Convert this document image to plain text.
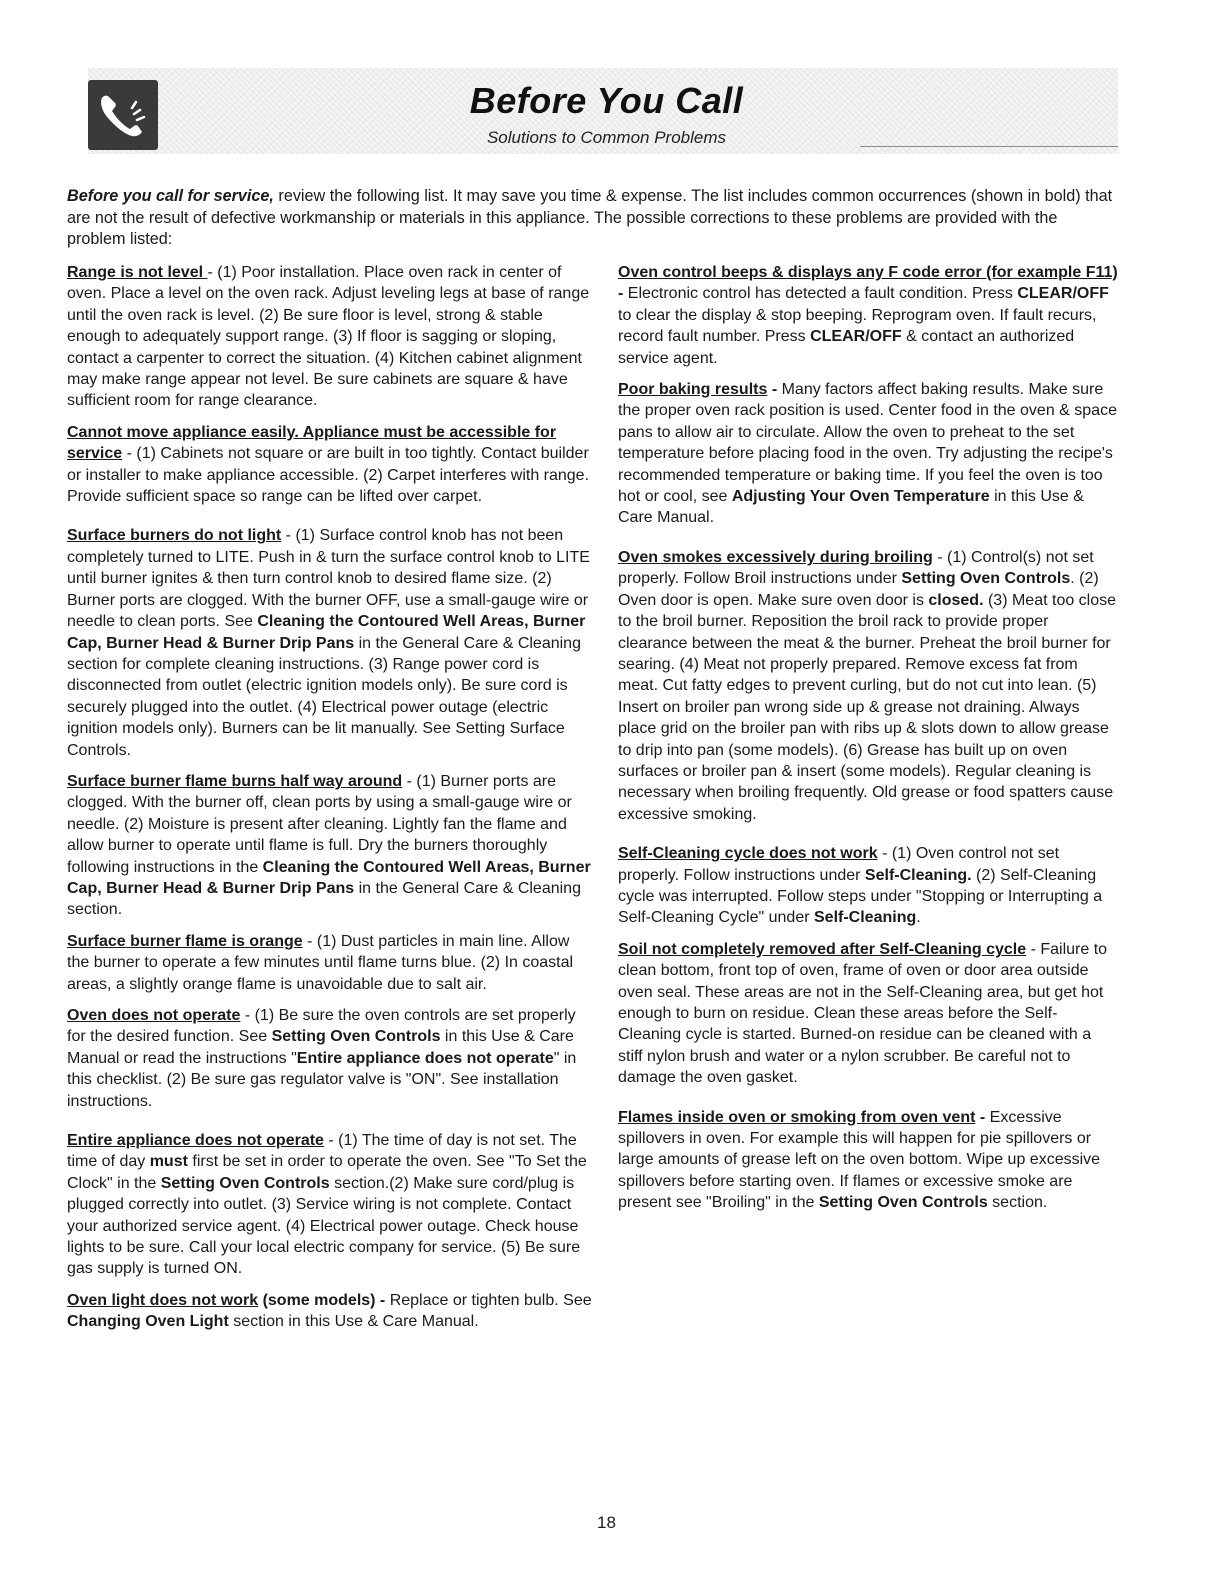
Before You Call
Solutions to Common Problems
Before you call for service, review the following list. It may save you time & expense. The list includes common occurrences (shown in bold) that are not the result of defective workmanship or materials in this appliance. The possible corrections to these problems are provided with the problem listed:

Range is not level - (1) Poor installation. Place oven rack in center of oven. Place a level on the oven rack. Adjust leveling legs at base of range until the oven rack is level. (2) Be sure floor is level, strong & stable enough to adequately support range. (3) If floor is sagging or sloping, contact a carpenter to correct the situation. (4) Kitchen cabinet alignment may make range appear not level. Be sure cabinets are square & have sufficient room for range clearance.

Cannot move appliance easily. Appliance must be accessible for service - (1) Cabinets not square or are built in too tightly. Contact builder or installer to make appliance accessible. (2) Carpet interferes with range. Provide sufficient space so range can be lifted over carpet.

Surface burners do not light - (1) Surface control knob has not been completely turned to LITE. Push in & turn the surface control knob to LITE until burner ignites & then turn control knob to desired flame size. (2) Burner ports are clogged. With the burner OFF, use a small-gauge wire or needle to clean ports. See Cleaning the Contoured Well Areas, Burner Cap, Burner Head & Burner Drip Pans in the General Care & Cleaning section for complete cleaning instructions. (3) Range power cord is disconnected from outlet (electric ignition models only). Be sure cord is securely plugged into the outlet. (4) Electrical power outage (electric ignition models only). Burners can be lit manually. See Setting Surface Controls.

Surface burner flame burns half way around - (1) Burner ports are clogged. With the burner off, clean ports by using a small-gauge wire or needle. (2) Moisture is present after cleaning. Lightly fan the flame and allow burner to operate until flame is full. Dry the burners thoroughly following instructions in the Cleaning the Contoured Well Areas, Burner Cap, Burner Head & Burner Drip Pans in the General Care & Cleaning section.

Surface burner flame is orange - (1) Dust particles in main line. Allow the burner to operate a few minutes until flame turns blue. (2) In coastal areas, a slightly orange flame is unavoidable due to salt air.

Oven does not operate - (1) Be sure the oven controls are set properly for the desired function. See Setting Oven Controls in this Use & Care Manual or read the instructions "Entire appliance does not operate" in this checklist. (2) Be sure gas regulator valve is "ON". See installation instructions.

Entire appliance does not operate - (1) The time of day is not set. The time of day must first be set in order to operate the oven. See "To Set the Clock" in the Setting Oven Controls section.(2) Make sure cord/plug is plugged correctly into outlet. (3) Service wiring is not complete. Contact your authorized service agent. (4) Electrical power outage. Check house lights to be sure. Call your local electric company for service. (5) Be sure gas supply is turned ON.

Oven light does not work (some models) - Replace or tighten bulb. See Changing Oven Light section in this Use & Care Manual.

Oven control beeps & displays any F code error (for example F11) - Electronic control has detected a fault condition. Press CLEAR/OFF to clear the display & stop beeping. Reprogram oven. If fault recurs, record fault number. Press CLEAR/OFF & contact an authorized service agent.

Poor baking results - Many factors affect baking results. Make sure the proper oven rack position is used. Center food in the oven & space pans to allow air to circulate. Allow the oven to preheat to the set temperature before placing food in the oven. Try adjusting the recipe's recommended temperature or baking time. If you feel the oven is too hot or cool, see Adjusting Your Oven Temperature in this Use & Care Manual.

Oven smokes excessively during broiling - (1) Control(s) not set properly. Follow Broil instructions under Setting Oven Controls. (2) Oven door is open. Make sure oven door is closed. (3) Meat too close to the broil burner. Reposition the broil rack to provide proper clearance between the meat & the burner. Preheat the broil burner for searing. (4) Meat not properly prepared. Remove excess fat from meat. Cut fatty edges to prevent curling, but do not cut into lean. (5) Insert on broiler pan wrong side up & grease not draining. Always place grid on the broiler pan with ribs up & slots down to allow grease to drip into pan (some models). (6) Grease has built up on oven surfaces or broiler pan & insert (some models). Regular cleaning is necessary when broiling frequently. Old grease or food spatters cause excessive smoking.

Self-Cleaning cycle does not work - (1) Oven control not set properly. Follow instructions under Self-Cleaning. (2) Self-Cleaning cycle was interrupted. Follow steps under "Stopping or Interrupting a Self-Cleaning Cycle" under Self-Cleaning.

Soil not completely removed after Self-Cleaning cycle - Failure to clean bottom, front top of oven, frame of oven or door area outside oven seal. These areas are not in the Self-Cleaning area, but get hot enough to burn on residue. Clean these areas before the Self-Cleaning cycle is started. Burned-on residue can be cleaned with a stiff nylon brush and water or a nylon scrubber. Be careful not to damage the oven gasket.

Flames inside oven or smoking from oven vent - Excessive spillovers in oven. For example this will happen for pie spillovers or large amounts of grease left on the oven bottom. Wipe up excessive spillovers before starting oven. If flames or excessive smoke are present see "Broiling" in the Setting Oven Controls section.

18
